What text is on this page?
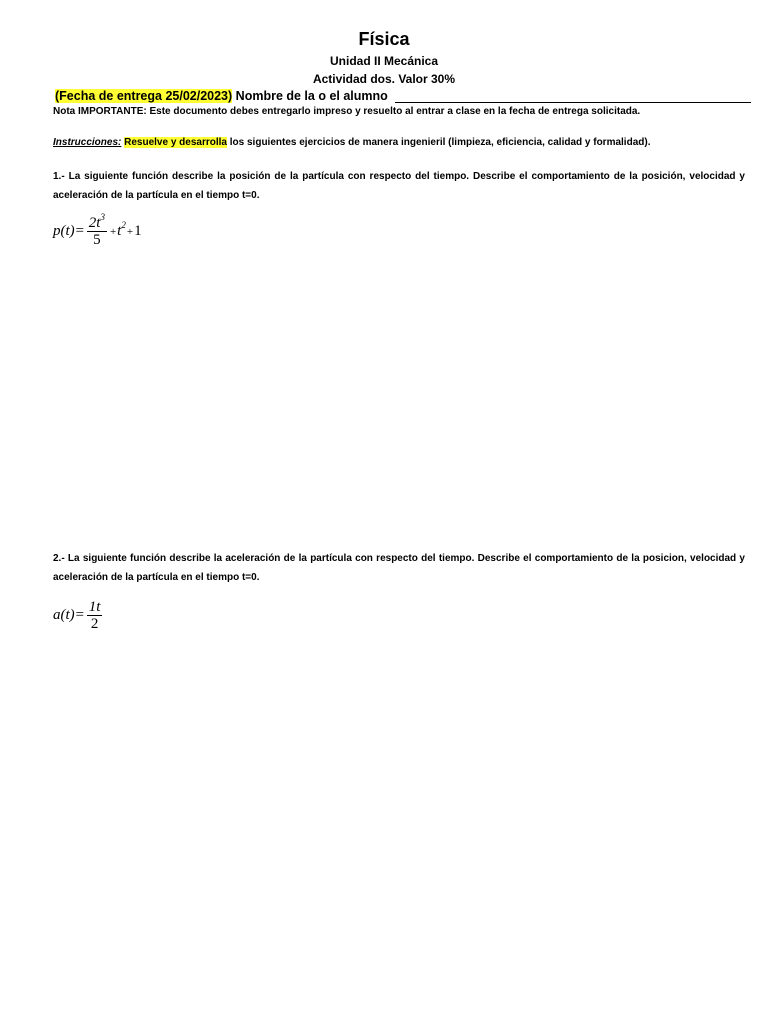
Física
Unidad II Mecánica
Actividad dos. Valor 30%
(Fecha de entrega 25/02/2023) Nombre de la o el alumno
Nota IMPORTANTE: Este documento debes entregarlo impreso y resuelto al entrar a clase en la fecha de entrega solicitada.
Instrucciones: Resuelve y desarrolla los siguientes ejercicios de manera ingenieril (limpieza, eficiencia, calidad y formalidad).
1.- La siguiente función describe la posición de la partícula con respecto del tiempo. Describe el comportamiento de la posición, velocidad y aceleración de la partícula en el tiempo t=0.
$p(t)= \frac{2t^3}{5} + t^2$
+ 1
2.- La siguiente función describe la aceleración de la partícula con respecto del tiempo. Describe el comportamiento de la posicion, velocidad y aceleración de la partícula en el tiempo t=0.
$a(t)= \frac{1t}{2}$
